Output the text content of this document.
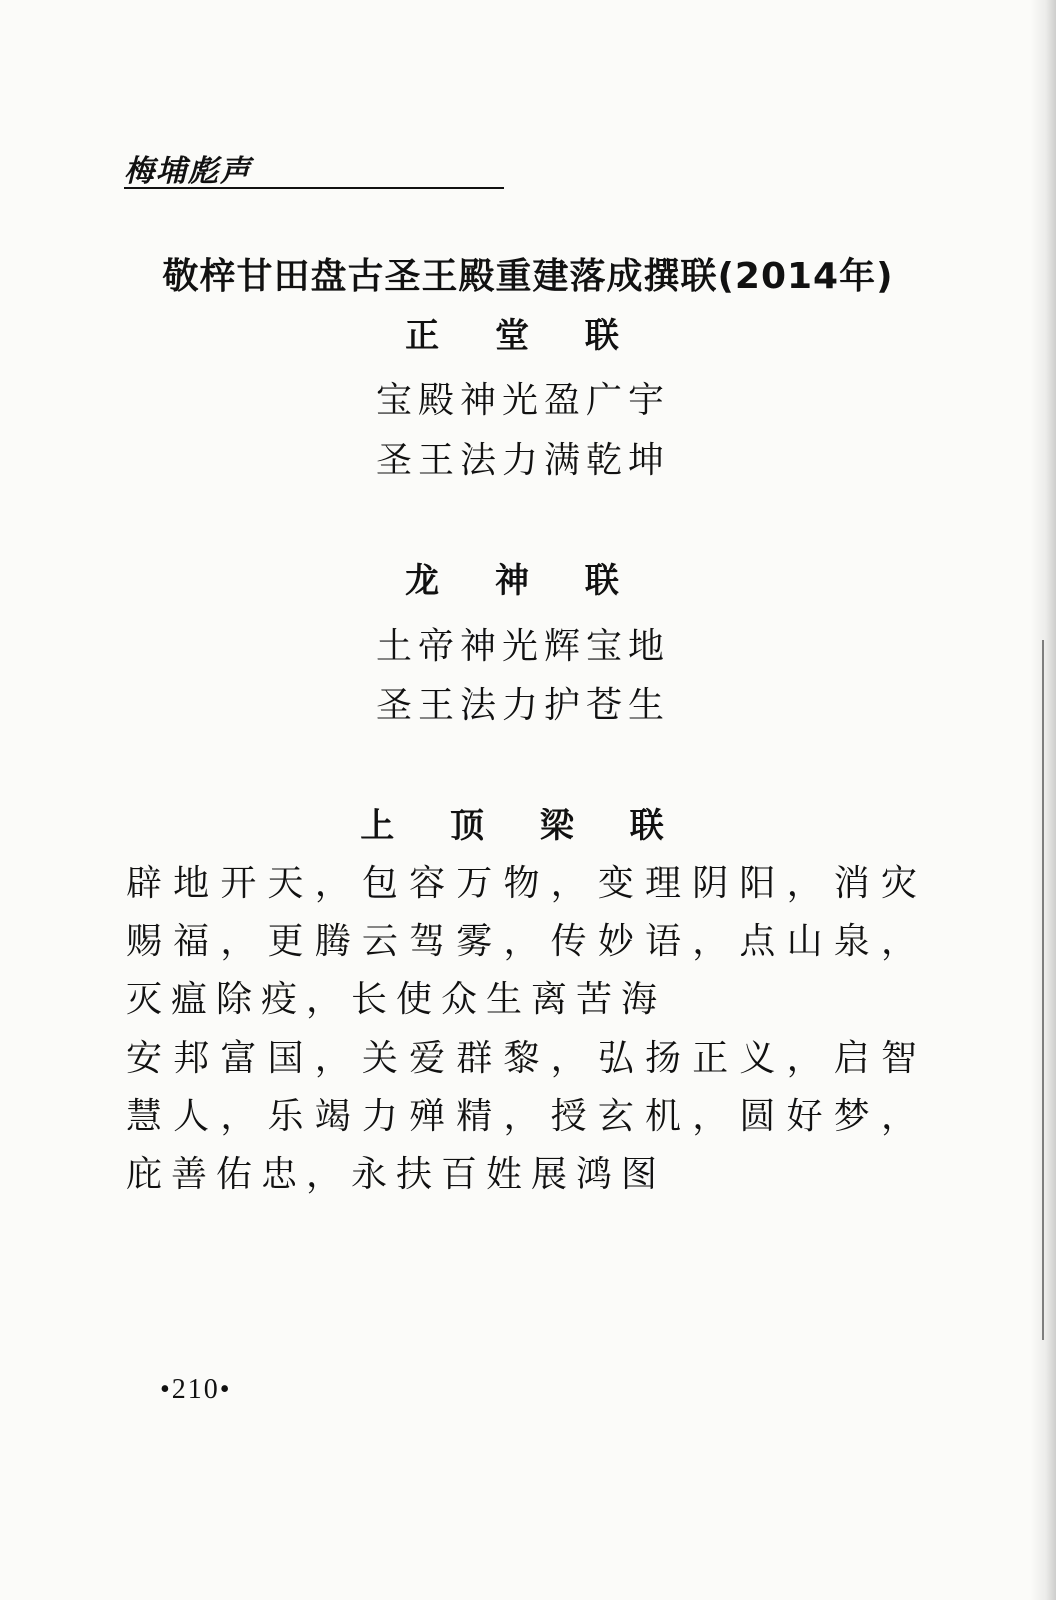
梅埔彪声
敬梓甘田盘古圣王殿重建落成撰联(2014年)
正 堂 联
宝殿神光盈广宇
圣王法力满乾坤
龙 神 联
土帝神光辉宝地
圣王法力护苍生
上 顶 梁 联
辟地开天，包容万物，变理阴阳，消灾赐福，更腾云驾雾，传妙语，点山泉，灭瘟除疫，长使众生离苦海
安邦富国，关爱群黎，弘扬正义，启智慧人，乐竭力殚精，授玄机，圆好梦，庇善佑忠，永扶百姓展鸿图
•210•
